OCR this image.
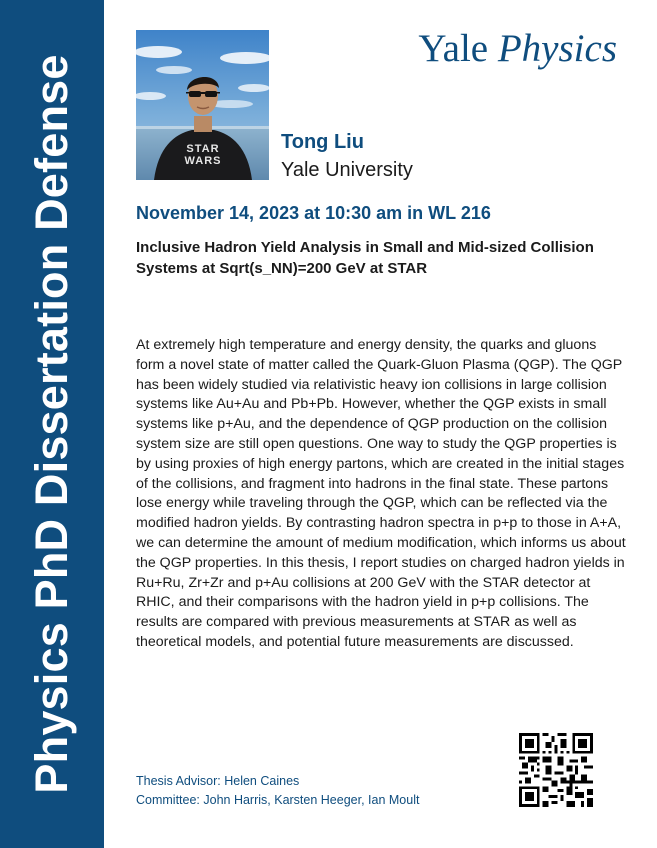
Physics PhD Dissertation Defense
Yale Physics
STAR
WARS
Tong Liu
Yale University
November 14, 2023 at 10:30 am in WL 216
Inclusive Hadron Yield Analysis in Small and Mid-sized Collision Systems at Sqrt(s_NN)=200 GeV at STAR
At extremely high temperature and energy density, the quarks and gluons form a novel state of matter called the Quark-Gluon Plasma (QGP). The QGP has been widely studied via relativistic heavy ion collisions in large collision systems like Au+Au and Pb+Pb. However, whether the QGP exists in small systems like p+Au, and the dependence of QGP production on the collision system size are still open questions. One way to study the QGP properties is by using proxies of high energy partons, which are created in the initial stages of the collisions, and fragment into hadrons in the final state. These partons lose energy while traveling through the QGP, which can be reflected via the modified hadron yields. By contrasting hadron spectra in p+p to those in A+A, we can determine the amount of medium modification, which informs us about the QGP properties. In this thesis, I report studies on charged hadron yields in Ru+Ru, Zr+Zr and p+Au collisions at 200 GeV with the STAR detector at RHIC, and their comparisons with the hadron yield in p+p collisions. The results are compared with previous measurements at STAR as well as theoretical models, and potential future measurements are discussed.
Thesis Advisor: Helen Caines
Committee: John Harris, Karsten Heeger, Ian Moult
